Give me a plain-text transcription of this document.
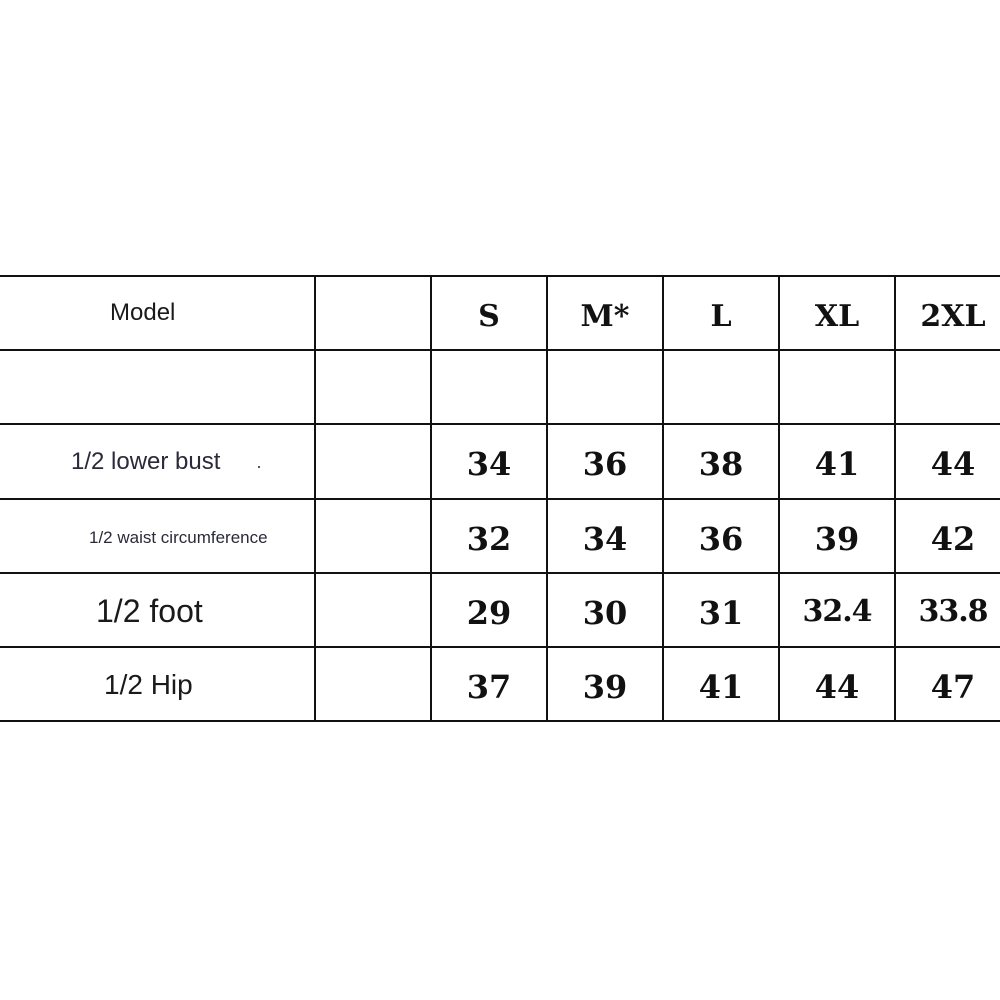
Model	S	M*	L	XL	2XL
1/2 lower bust	34	36	38	41	44
1/2 waist circumference	32	34	36	39	42
1/2 foot	29	30	31	32.4	33.8
1/2 Hip	37	39	41	44	47
